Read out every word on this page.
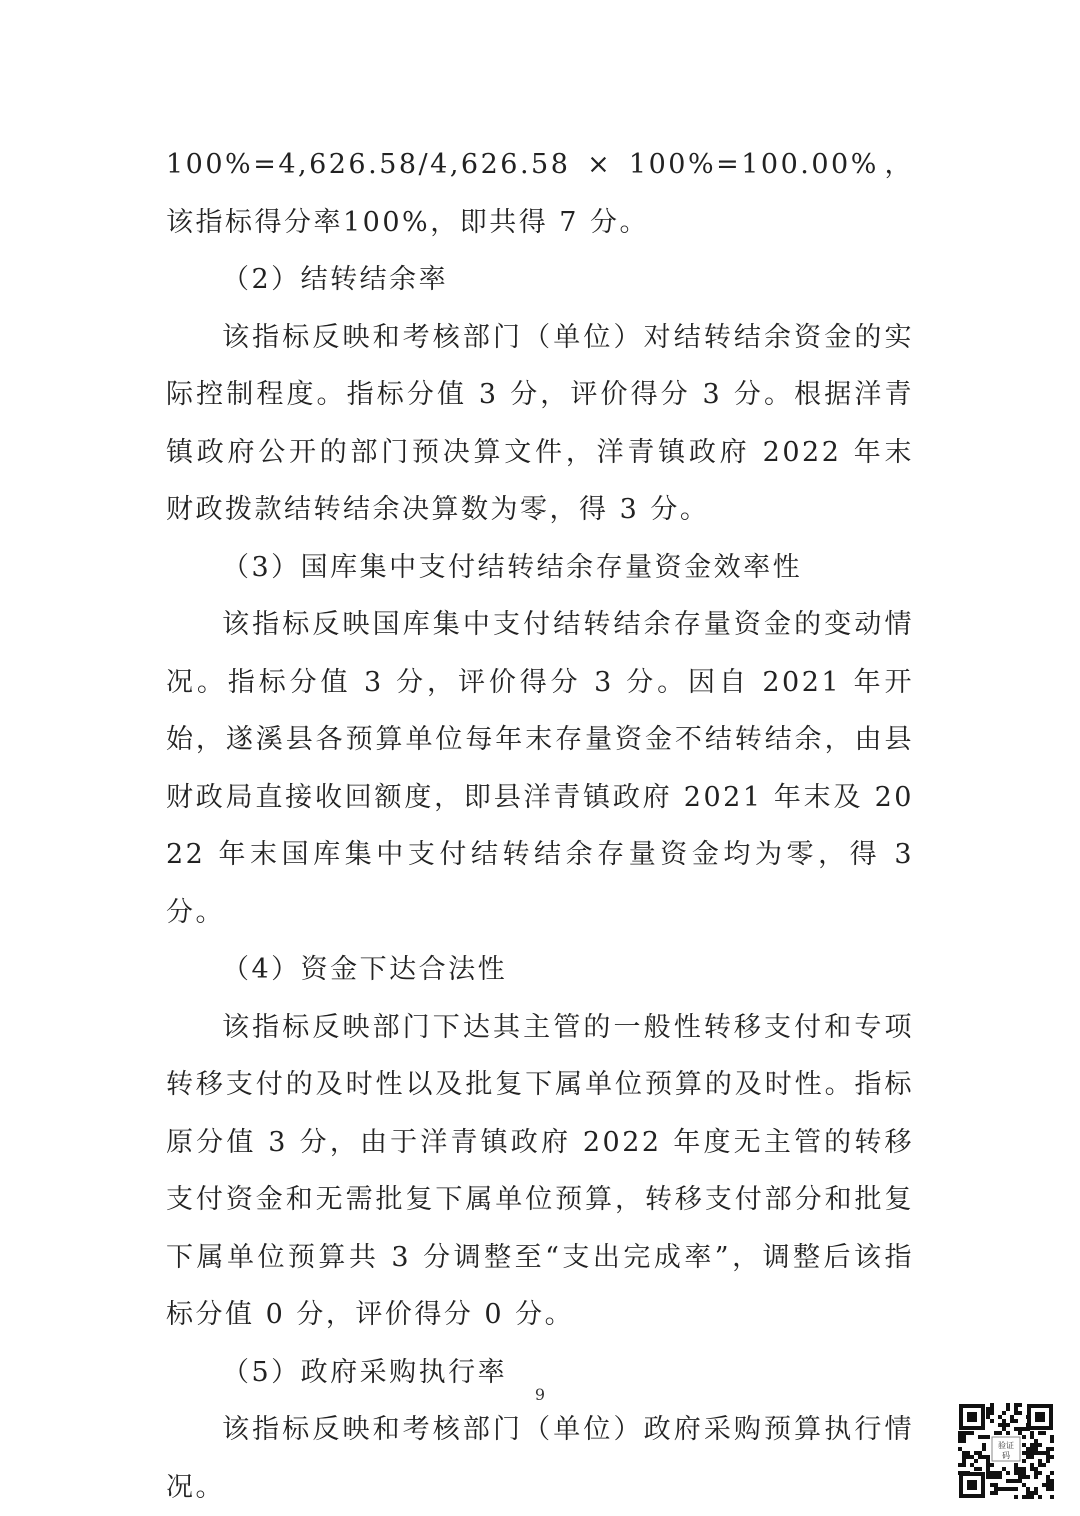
100%=4,626.58/4,626.58 × 100%=100.00%，该指标得分率100%，即共得 7 分。

（2）结转结余率

该指标反映和考核部门（单位）对结转结余资金的实际控制程度。指标分值 3 分，评价得分 3 分。根据洋青镇政府公开的部门预决算文件，洋青镇政府 2022 年末财政拨款结转结余决算数为零，得 3 分。

（3）国库集中支付结转结余存量资金效率性

该指标反映国库集中支付结转结余存量资金的变动情况。指标分值 3 分，评价得分 3 分。因自 2021 年开始，遂溪县各预算单位每年末存量资金不结转结余，由县财政局直接收回额度，即县洋青镇政府 2021 年末及 2022 年末国库集中支付结转结余存量资金均为零，得 3 分。

（4）资金下达合法性

该指标反映部门下达其主管的一般性转移支付和专项转移支付的及时性以及批复下属单位预算的及时性。指标原分值 3 分，由于洋青镇政府 2022 年度无主管的转移支付资金和无需批复下属单位预算，转移支付部分和批复下属单位预算共 3 分调整至“支出完成率”，调整后该指标分值 0 分，评价得分 0 分。

（5）政府采购执行率

该指标反映和考核部门（单位）政府采购预算执行情况。

9
验证
码
